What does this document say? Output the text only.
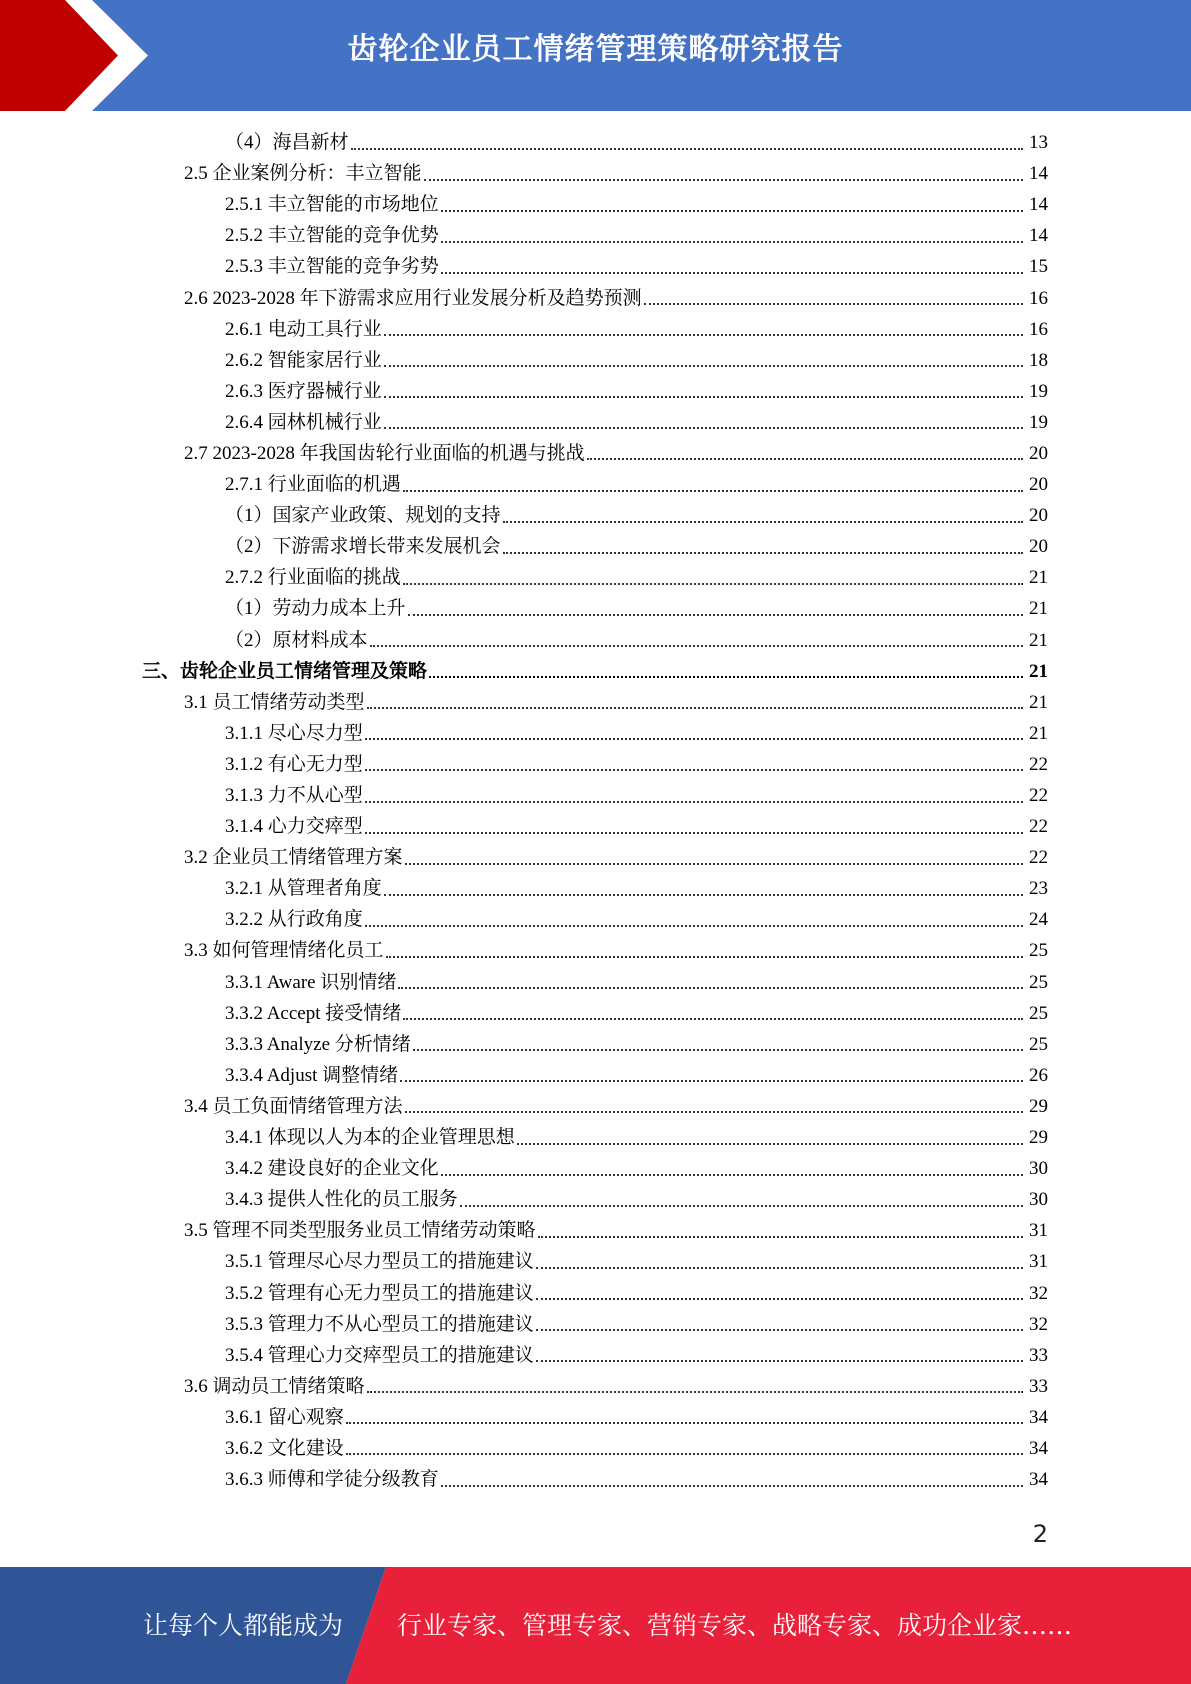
齿轮企业员工情绪管理策略研究报告
（4）海昌新材	13
2.5 企业案例分析：丰立智能	14
2.5.1 丰立智能的市场地位	14
2.5.2 丰立智能的竞争优势	14
2.5.3 丰立智能的竞争劣势	15
2.6 2023-2028 年下游需求应用行业发展分析及趋势预测	16
2.6.1 电动工具行业	16
2.6.2 智能家居行业	18
2.6.3 医疗器械行业	19
2.6.4 园林机械行业	19
2.7 2023-2028 年我国齿轮行业面临的机遇与挑战	20
2.7.1 行业面临的机遇	20
（1）国家产业政策、规划的支持	20
（2）下游需求增长带来发展机会	20
2.7.2 行业面临的挑战	21
（1）劳动力成本上升	21
（2）原材料成本	21
三、齿轮企业员工情绪管理及策略	21
3.1 员工情绪劳动类型	21
3.1.1 尽心尽力型	21
3.1.2 有心无力型	22
3.1.3 力不从心型	22
3.1.4 心力交瘁型	22
3.2 企业员工情绪管理方案	22
3.2.1 从管理者角度	23
3.2.2 从行政角度	24
3.3 如何管理情绪化员工	25
3.3.1 Aware 识别情绪	25
3.3.2 Accept 接受情绪	25
3.3.3 Analyze 分析情绪	25
3.3.4 Adjust 调整情绪	26
3.4 员工负面情绪管理方法	29
3.4.1 体现以人为本的企业管理思想	29
3.4.2 建设良好的企业文化	30
3.4.3 提供人性化的员工服务	30
3.5 管理不同类型服务业员工情绪劳动策略	31
3.5.1 管理尽心尽力型员工的措施建议	31
3.5.2 管理有心无力型员工的措施建议	32
3.5.3 管理力不从心型员工的措施建议	32
3.5.4 管理心力交瘁型员工的措施建议	33
3.6 调动员工情绪策略	33
3.6.1 留心观察	34
3.6.2 文化建设	34
3.6.3 师傅和学徒分级教育	34
2
让每个人都能成为 行业专家、管理专家、营销专家、战略专家、成功企业家……
